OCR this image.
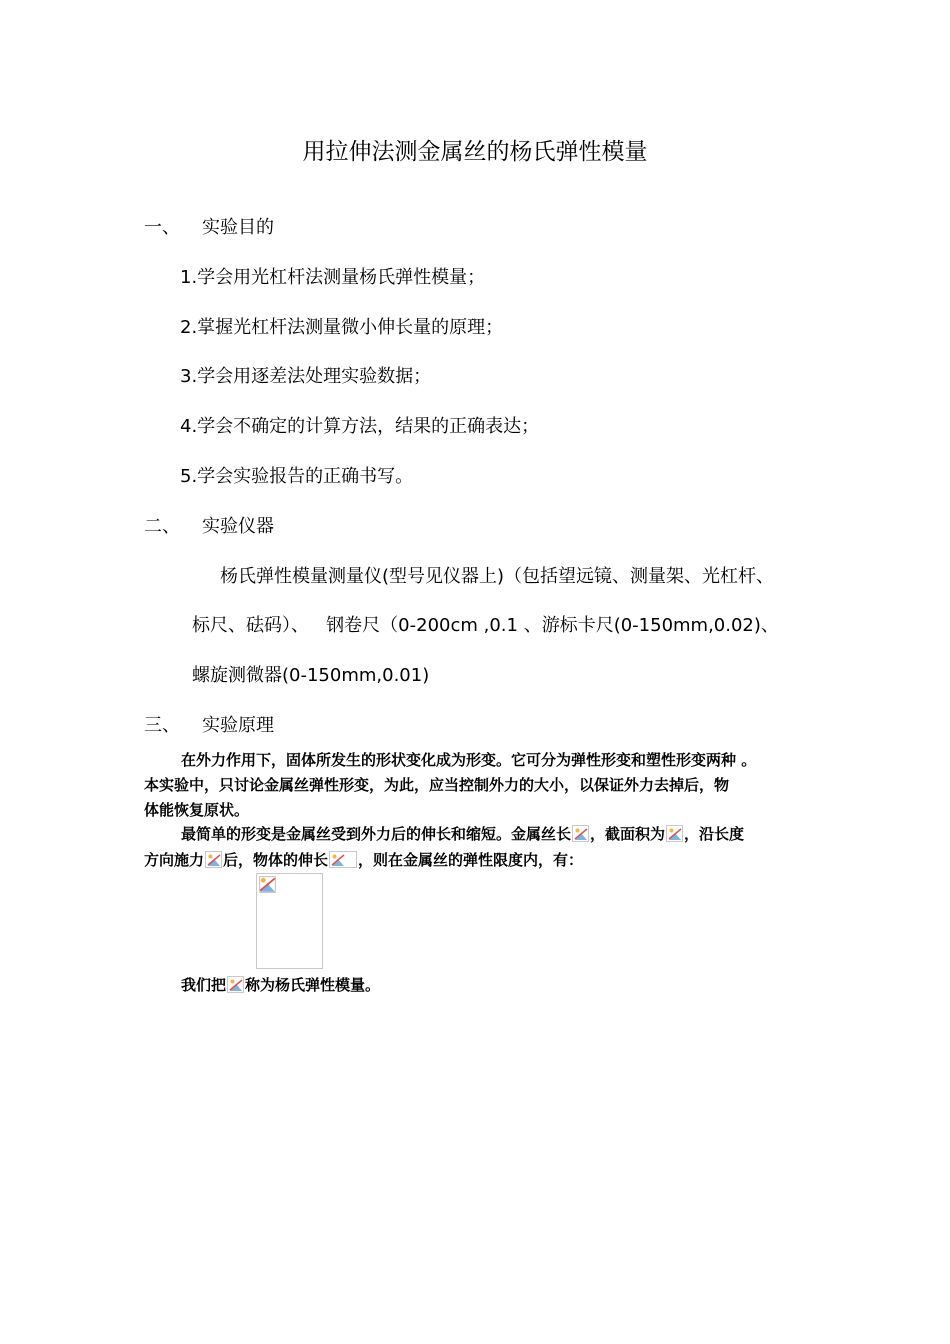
用拉伸法测金属丝的杨氏弹性模量
一、 实验目的
1.学会用光杠杆法测量杨氏弹性模量；
2.掌握光杠杆法测量微小伸长量的原理；
3.学会用逐差法处理实验数据；
4.学会不确定的计算方法，结果的正确表达；
5.学会实验报告的正确书写。
二、 实验仪器
杨氏弹性模量测量仪(型号见仪器上)（包括望远镜、测量架、光杠杆、
标尺、砝码）、   钢卷尺（0-200cm ,0.1 、游标卡尺(0-150mm,0.02)、
螺旋测微器(0-150mm,0.01)
三、 实验原理
在外力作用下，固体所发生的形状变化成为形变。它可分为弹性形变和塑性形变两种 。
本实验中，只讨论金属丝弹性形变，为此，应当控制外力的大小，以保证外力去掉后，物
体能恢复原状。
最简单的形变是金属丝受到外力后的伸长和缩短。金属丝长 ，截面积为 ，沿长度
方向施力 后，物体的伸长 ，则在金属丝的弹性限度内，有：
我们把 称为杨氏弹性模量。
